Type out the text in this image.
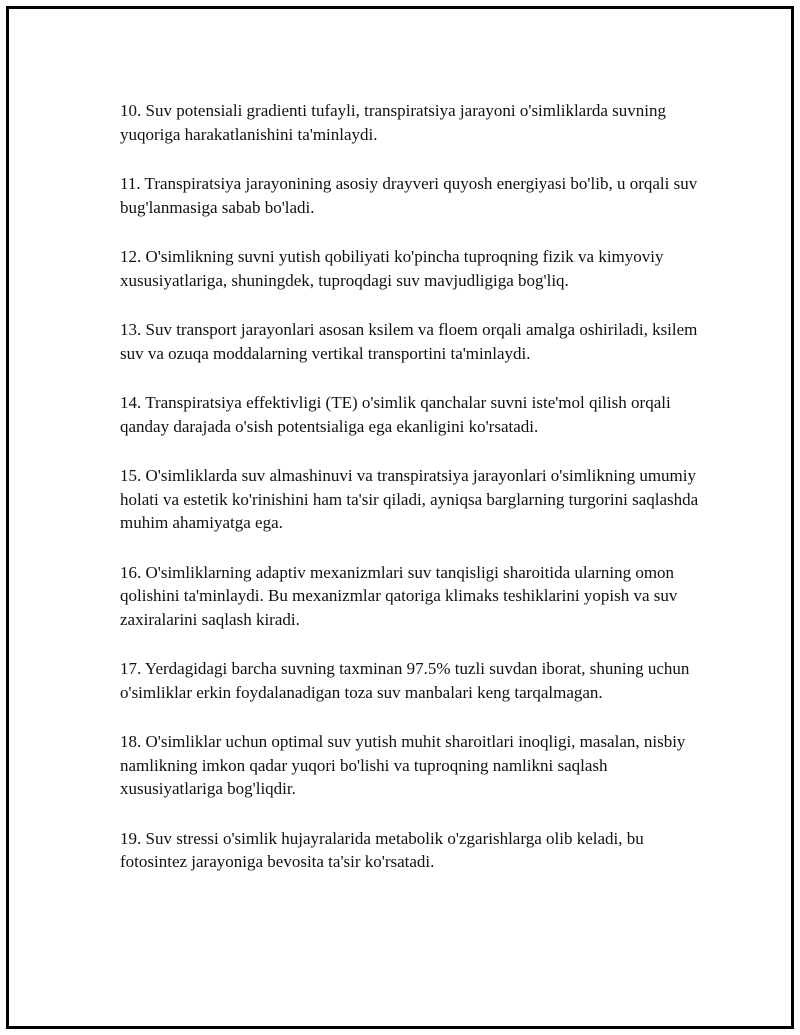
10. Suv potensiali gradienti tufayli, transpiratsiya jarayoni o'simliklarda suvning yuqoriga harakatlanishini ta'minlaydi.

11. Transpiratsiya jarayonining asosiy drayveri quyosh energiyasi bo'lib, u orqali suv bug'lanmasiga sabab bo'ladi.

12. O'simlikning suvni yutish qobiliyati ko'pincha tuproqning fizik va kimyoviy xususiyatlariga, shuningdek, tuproqdagi suv mavjudligiga bog'liq.

13. Suv transport jarayonlari asosan ksilem va floem orqali amalga oshiriladi, ksilem suv va ozuqa moddalarning vertikal transportini ta'minlaydi.

14. Transpiratsiya effektivligi (TE) o'simlik qanchalar suvni iste'mol qilish orqali qanday darajada o'sish potentsialiga ega ekanligini ko'rsatadi.

15. O'simliklarda suv almashinuvi va transpiratsiya jarayonlari o'simlikning umumiy holati va estetik ko'rinishini ham ta'sir qiladi, ayniqsa barglarning turgorini saqlashda muhim ahamiyatga ega.

16. O'simliklarning adaptiv mexanizmlari suv tanqisligi sharoitida ularning omon qolishini ta'minlaydi. Bu mexanizmlar qatoriga klimaks teshiklarini yopish va suv zaxiralarini saqlash kiradi.

17. Yerdagidagi barcha suvning taxminan 97.5% tuzli suvdan iborat, shuning uchun o'simliklar erkin foydalanadigan toza suv manbalari keng tarqalmagan.

18. O'simliklar uchun optimal suv yutish muhit sharoitlari inoqligi, masalan, nisbiy namlikning imkon qadar yuqori bo'lishi va tuproqning namlikni saqlash xususiyatlariga bog'liqdir.

19. Suv stressi o'simlik hujayralarida metabolik o'zgarishlarga olib keladi, bu fotosintez jarayoniga bevosita ta'sir ko'rsatadi.
